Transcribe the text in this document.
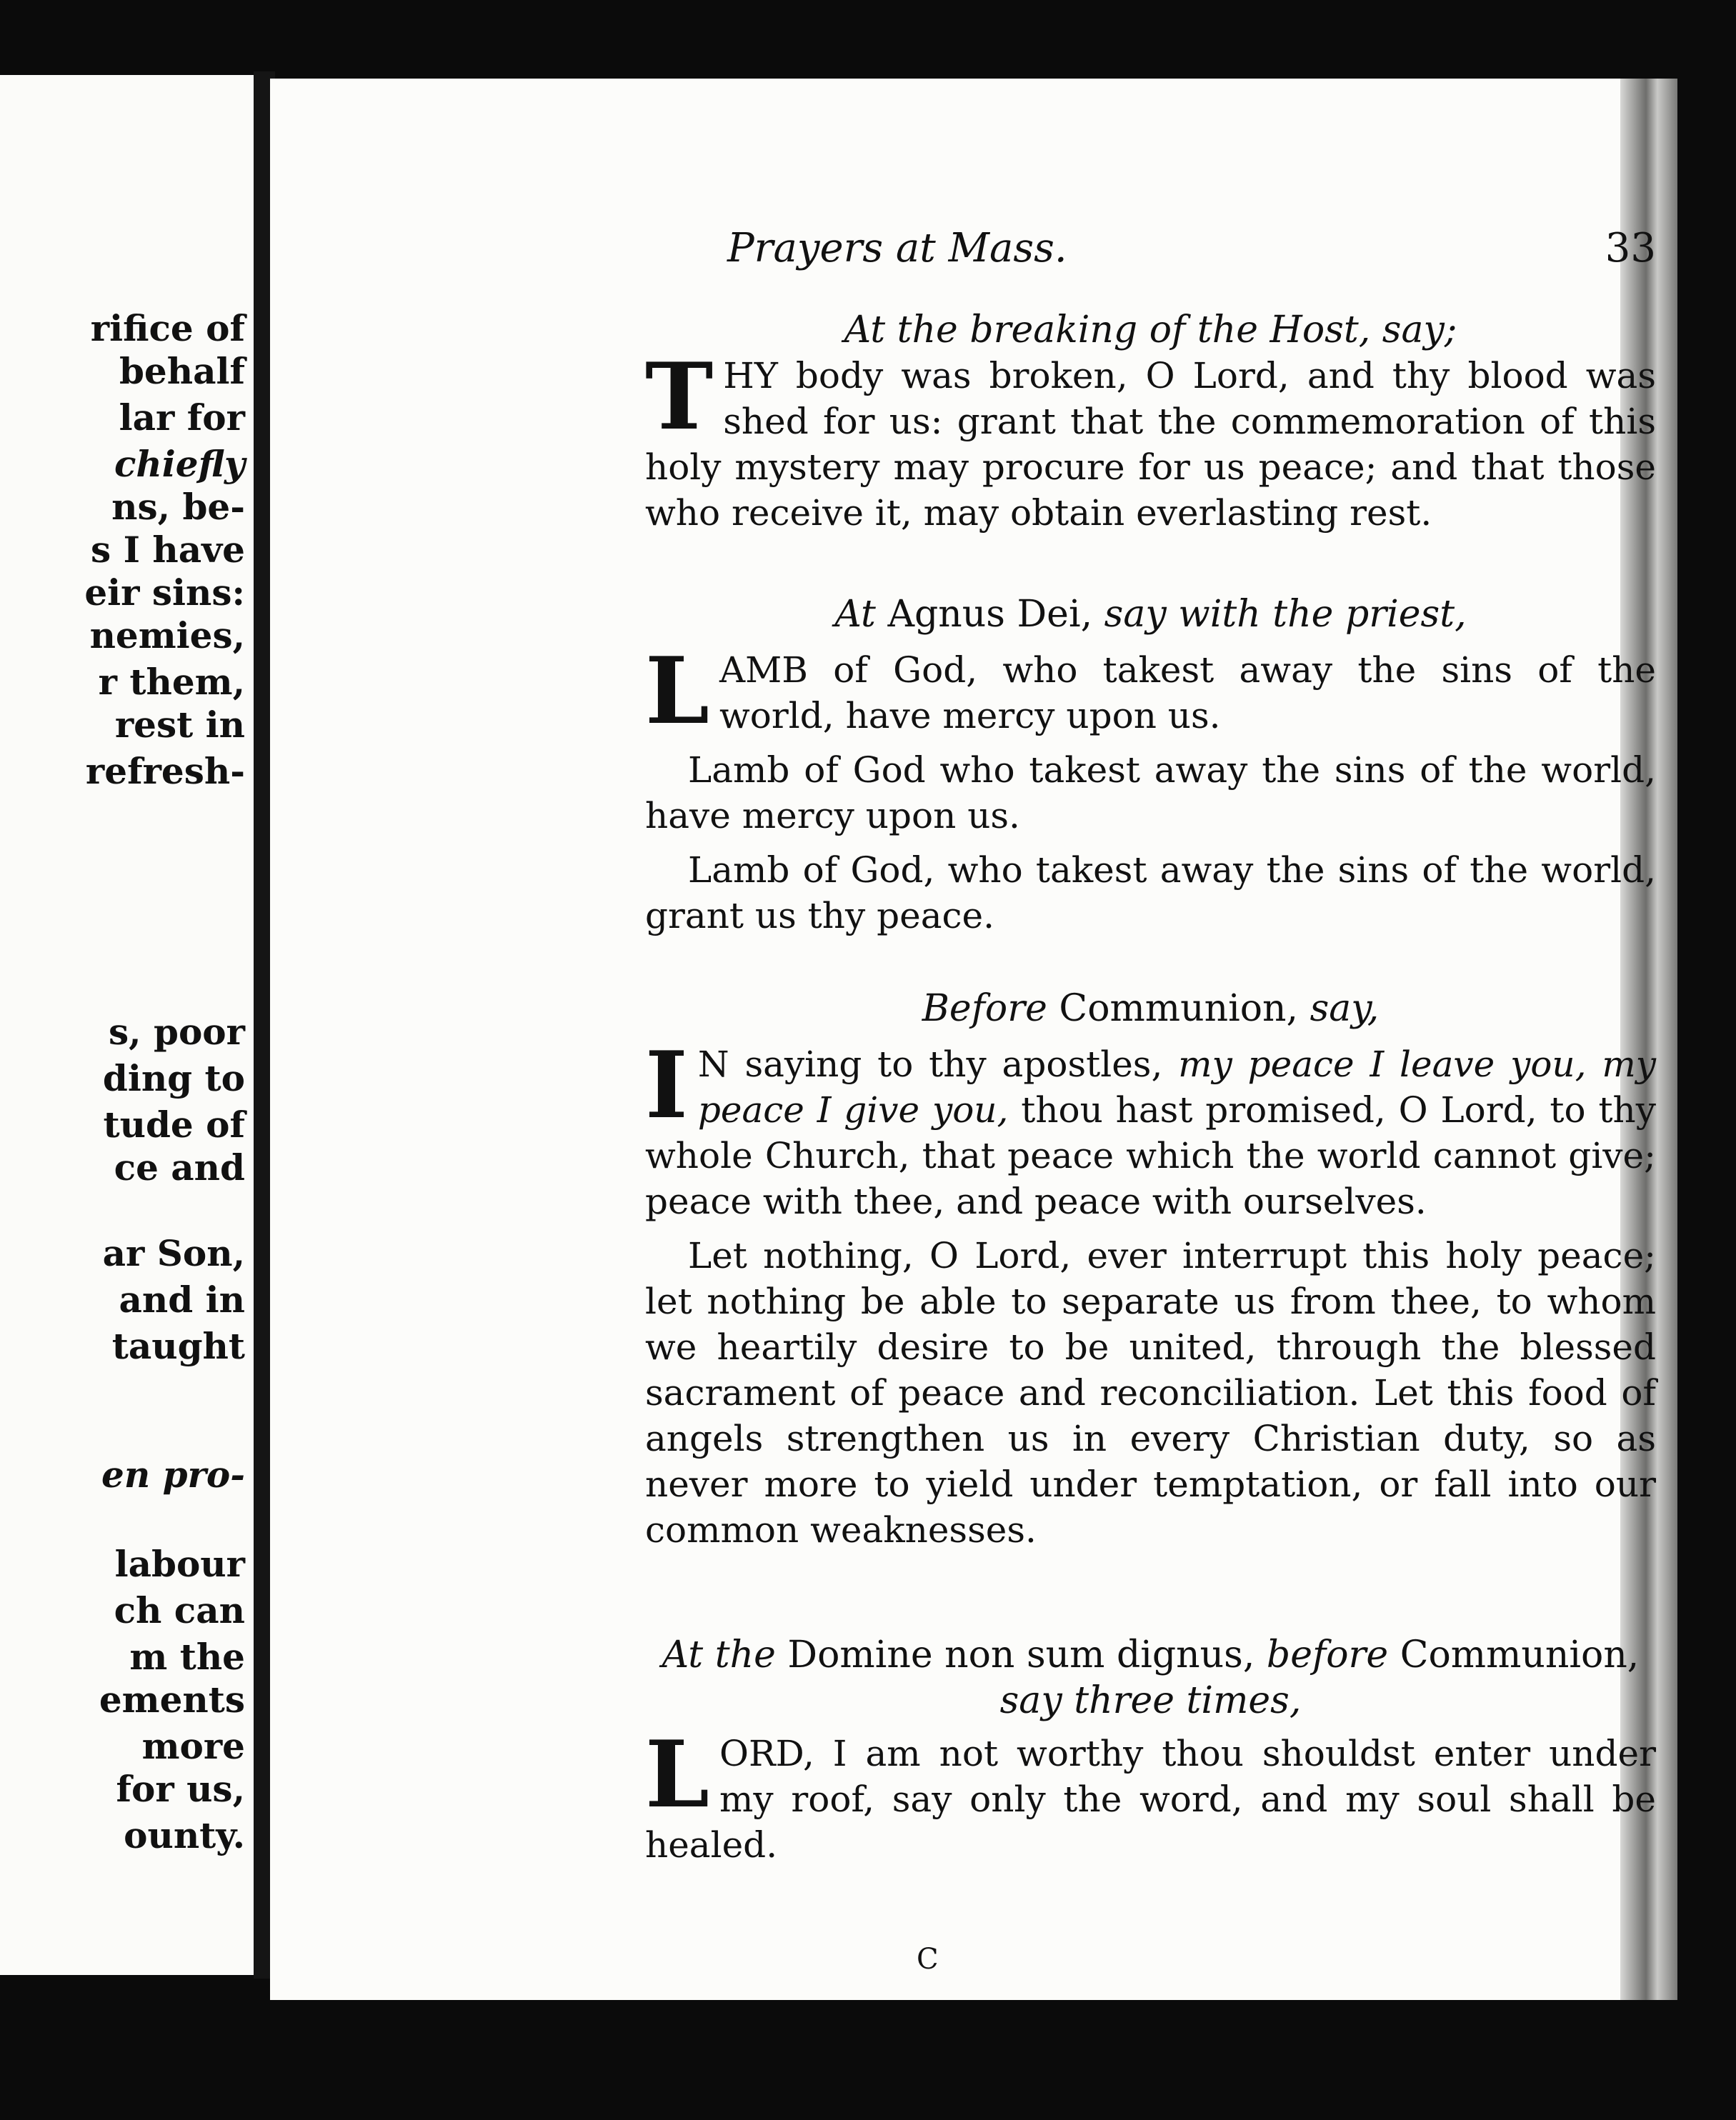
rifice of
behalf
lar for
chiefly
ns, be-
s I have
eir sins:
nemies,
r them,
rest in
refresh-
s, poor
ding to
tude of
ce and
ar Son,
and in
taught
en pro-
labour
ch can
m the
ements
more
for us,
ounty.
Prayers at Mass.	33

At the breaking of the Host, say;

THY body was broken, O Lord, and thy blood was shed for us: grant that the commemoration of this holy mystery may procure for us peace; and that those who receive it, may obtain everlasting rest.

At Agnus Dei, say with the priest,

LAMB of God, who takest away the sins of the world, have mercy upon us.

Lamb of God who takest away the sins of the world, have mercy upon us.

Lamb of God, who takest away the sins of the world, grant us thy peace.

Before Communion, say,

IN saying to thy apostles, my peace I leave you, my peace I give you, thou hast promised, O Lord, to thy whole Church, that peace which the world cannot give; peace with thee, and peace with ourselves.

Let nothing, O Lord, ever interrupt this holy peace; let nothing be able to separate us from thee, to whom we heartily desire to be united, through the blessed sacrament of peace and reconciliation. Let this food of angels strengthen us in every Christian duty, so as never more to yield under temptation, or fall into our common weaknesses.

At the Domine non sum dignus, before Communion,

say three times,

LORD, I am not worthy thou shouldst enter under my roof, say only the word, and my soul shall be healed.

C
